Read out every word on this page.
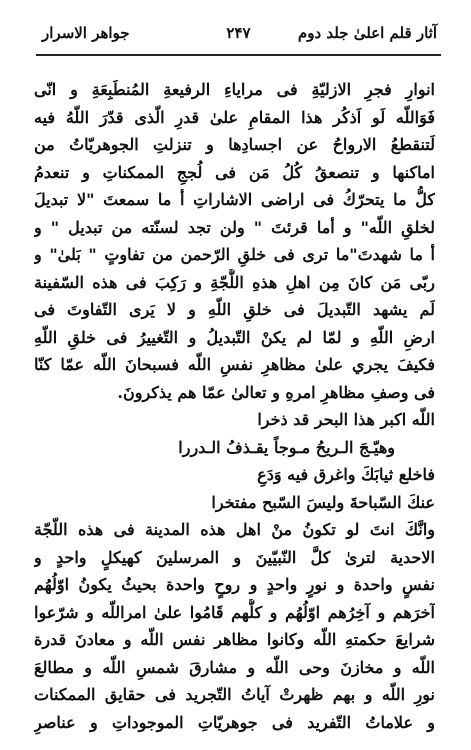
جواهر الاسرار	۲۴۷	آثار قلم اعلیٰ جلد دوم
انوارِ فجرِ الازليّةِ فى مراياءِ الرفيعةِ المُنطَبِعَةِ و انّى
فَوَاللّه لَو اَذكُر هذا المقامِ علىٰ قدرِ الّذى قدّرَ اللّهُ فيه
لَتنقطعُ الارواحُ عن اجسادِها و تنزلتِ الجوهريّاتُ من
اماكنها و تنصعقُ كُلُ مَن فى لُججِ الممكناتِ و تنعدمُ
كلُّ ما يتحرّكُ فى اراضى الاشاراتِ أ ما سمعتَ "لا تبديلَ
لخلقِ اللّه" و أما قرئتَ " ولن تجد لسنّته من تبديل " و
أ ما شهدتَ"ما ترى فى خلقِ الرّحمن من تفاوتٍ " بَلىٰ" و
ربّى مَن كانَ مِن اهلِ هذهِ اللُّجّةِ و رَكِبَ فى هذه السّفينة
لَم يشهد التّبديلَ فى خلقِ اللّهِ و لا يَرى التّفاوتَ فى
ارضِ اللّهِ و لمّا لم يكنْ التّبديلُ و التّغييرُ فى خلقِ اللّهِ
فكيفَ يجري علىٰ مظاهرِ نفسِ اللّه فسبحانَ اللّه عمّا كنّا
فى وصفِ مظاهرِ امرهِ و تعالىٰ عمّا هم يذكرونَ.
اللّه اكبر هذا البحر قد ذخرا
وهيّـجَ الـريحُ مـوجاً يقـذفُ الـدررا
فاخلع ثيابَكَ واغرق فيه وَدَعِ
عنكَ السّباحةَ وليسَ السّبح مفتخرا
وانَّكَ انتَ لو تكونُ منْ اهل هذه المدينة فى هذه اللّجّة
الاحدية لترىٰ كلَّ النّبيّينَ و المرسلينَ كهيكلٍ واحدٍ و
نفسٍ واحدة و نورٍ واحدٍ و روحٍ واحدة بحيثُ يكونُ اوّلُهُم
آخرَهم و آخِرُهم اوّلُهُم و كلُّهم قَامُوا علىٰ امراللّه و شرّعوا
شرايعَ حكمتهِ اللّه وكانوا مظاهر نفس اللّه و معادنَ قدرة
اللّه و مخازنَ وحى اللّه و مشارقَ شمسِ اللّه و مطالعَ
نورِ اللّه و بهم ظهرتْ آياتُ التّجريد فى حقايق الممكنات
و علاماتُ التّفريد فى جوهريّاتِ الموجوداتِ و عناصرِ
